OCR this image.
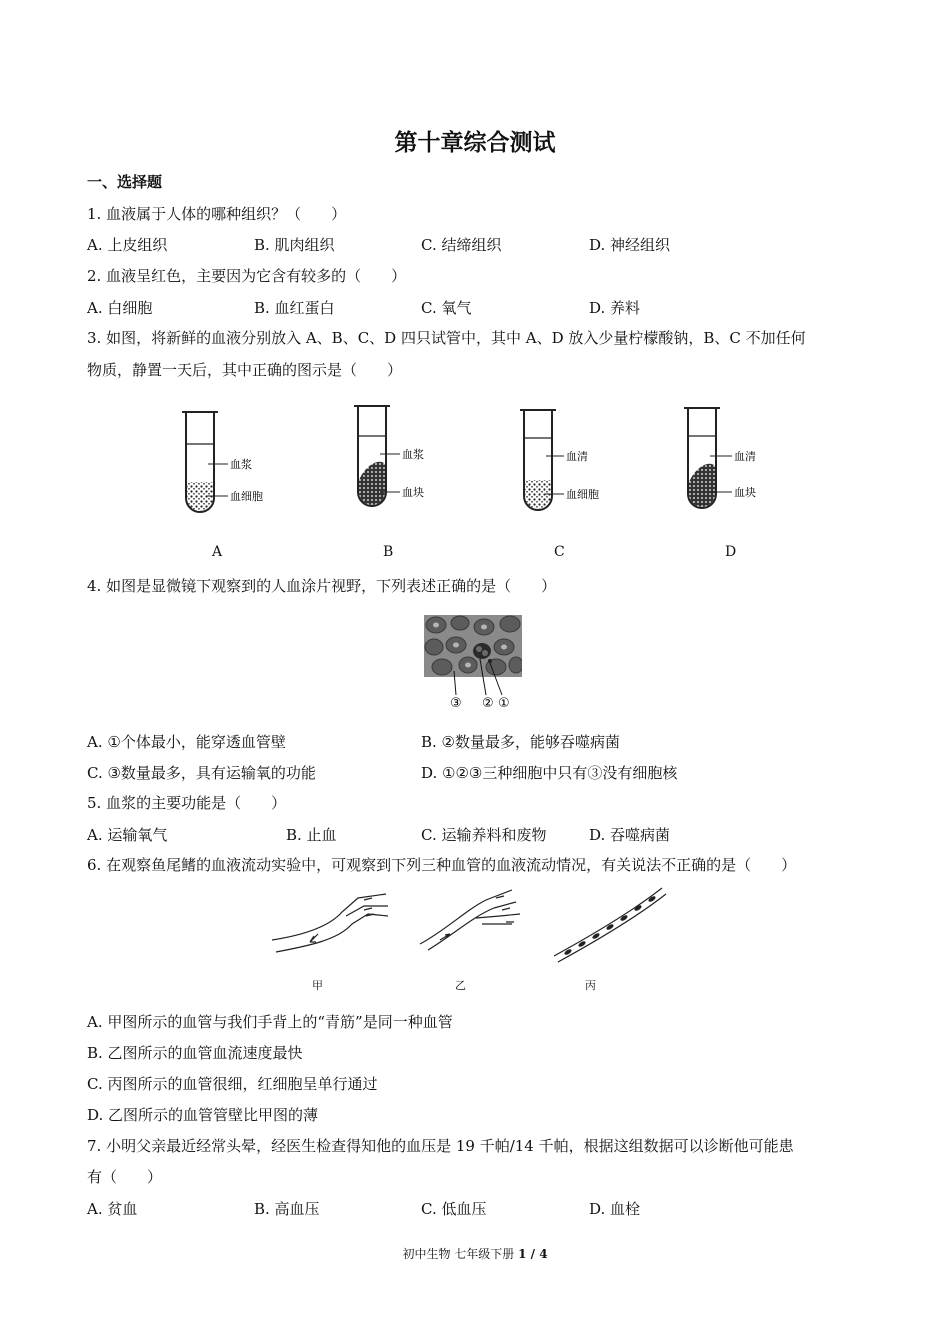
第十章综合测试
一、选择题
1. 血液属于人体的哪种组织？（　　）
A. 上皮组织	B. 肌肉组织	C. 结缔组织	D. 神经组织
2. 血液呈红色，主要因为它含有较多的（　　）
A. 白细胞	B. 血红蛋白	C. 氧气	D. 养料
3. 如图，将新鲜的血液分别放入 A、B、C、D 四只试管中，其中 A、D 放入少量柠檬酸钠，B、C 不加任何
物质，静置一天后，其中正确的图示是（　　）
血浆
血细胞
血浆
血块
血清
血细胞
血清
血块
A	B	C	D
4. 如图是显微镜下观察到的人血涂片视野，下列表述正确的是（　　）
③ ② ①
A. ①个体最小，能穿透血管壁	B. ②数量最多，能够吞噬病菌
C. ③数量最多，具有运输氧的功能	D. ①②③三种细胞中只有③没有细胞核
5. 血浆的主要功能是（　　）
A. 运输氧气	B. 止血	C. 运输养料和废物	D. 吞噬病菌
6. 在观察鱼尾鳍的血液流动实验中，可观察到下列三种血管的血液流动情况，有关说法不正确的是（　　）
甲	乙	丙
A. 甲图所示的血管与我们手背上的“青筋”是同一种血管
B. 乙图所示的血管血流速度最快
C. 丙图所示的血管很细，红细胞呈单行通过
D. 乙图所示的血管管壁比甲图的薄
7. 小明父亲最近经常头晕，经医生检查得知他的血压是 19 千帕/14 千帕，根据这组数据可以诊断他可能患
有（　　）
A. 贫血	B. 高血压	C. 低血压	D. 血栓
初中生物 七年级下册 1 / 4
